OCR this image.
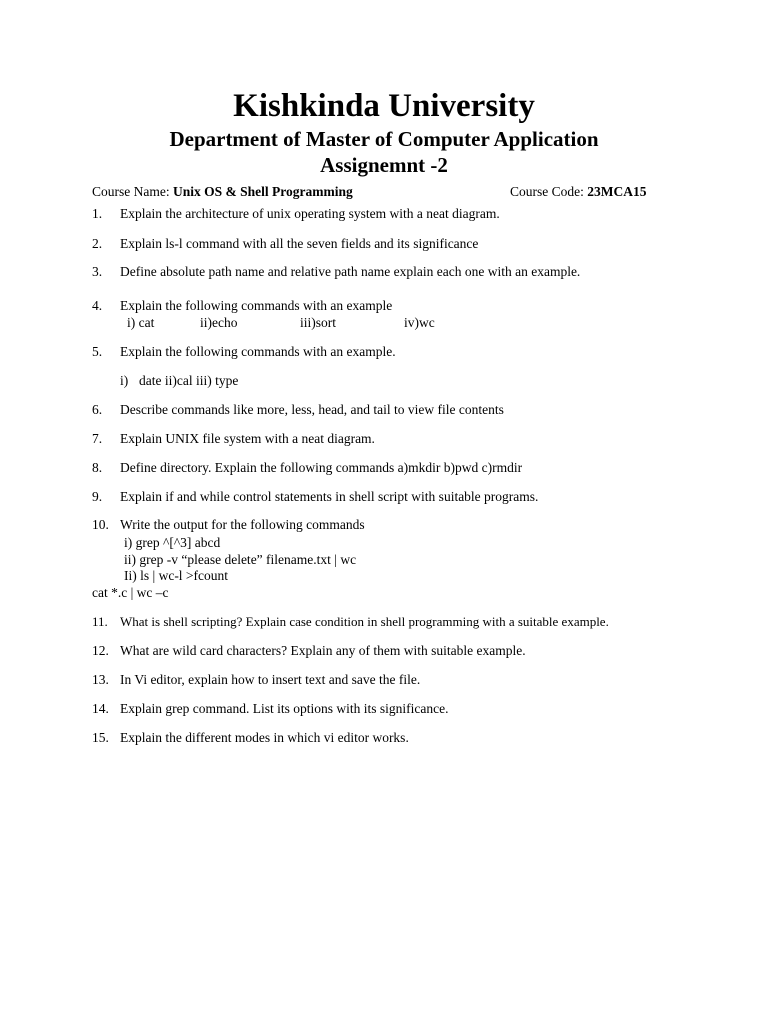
Kishkinda University
Department of Master of Computer Application
Assignemnt -2
Course Name: Unix OS & Shell Programming	Course Code: 23MCA15
1. Explain the architecture of unix operating system with a neat diagram.
2. Explain ls-l command with all the seven fields and its significance
3. Define absolute path name and relative path name explain each one with an example.
4. Explain the following commands with an example
i) cat	ii)echo	iii)sort	iv)wc
5. Explain the following commands with an example.
i) date ii)cal iii) type
6. Describe commands like more, less, head, and tail to view file contents
7. Explain UNIX file system with a neat diagram.
8. Define directory. Explain the following commands a)mkdir b)pwd c)rmdir
9. Explain if and while control statements in shell script with suitable programs.
10. Write the output for the following commands
i) grep ^[^3] abcd
ii) grep -v “please delete” filename.txt | wc
Ii) ls | wc-l >fcount
cat *.c | wc –c
11. What is shell scripting? Explain case condition in shell programming with a suitable example.
12. What are wild card characters? Explain any of them with suitable example.
13. In Vi editor, explain how to insert text and save the file.
14. Explain grep command. List its options with its significance.
15. Explain the different modes in which vi editor works.
